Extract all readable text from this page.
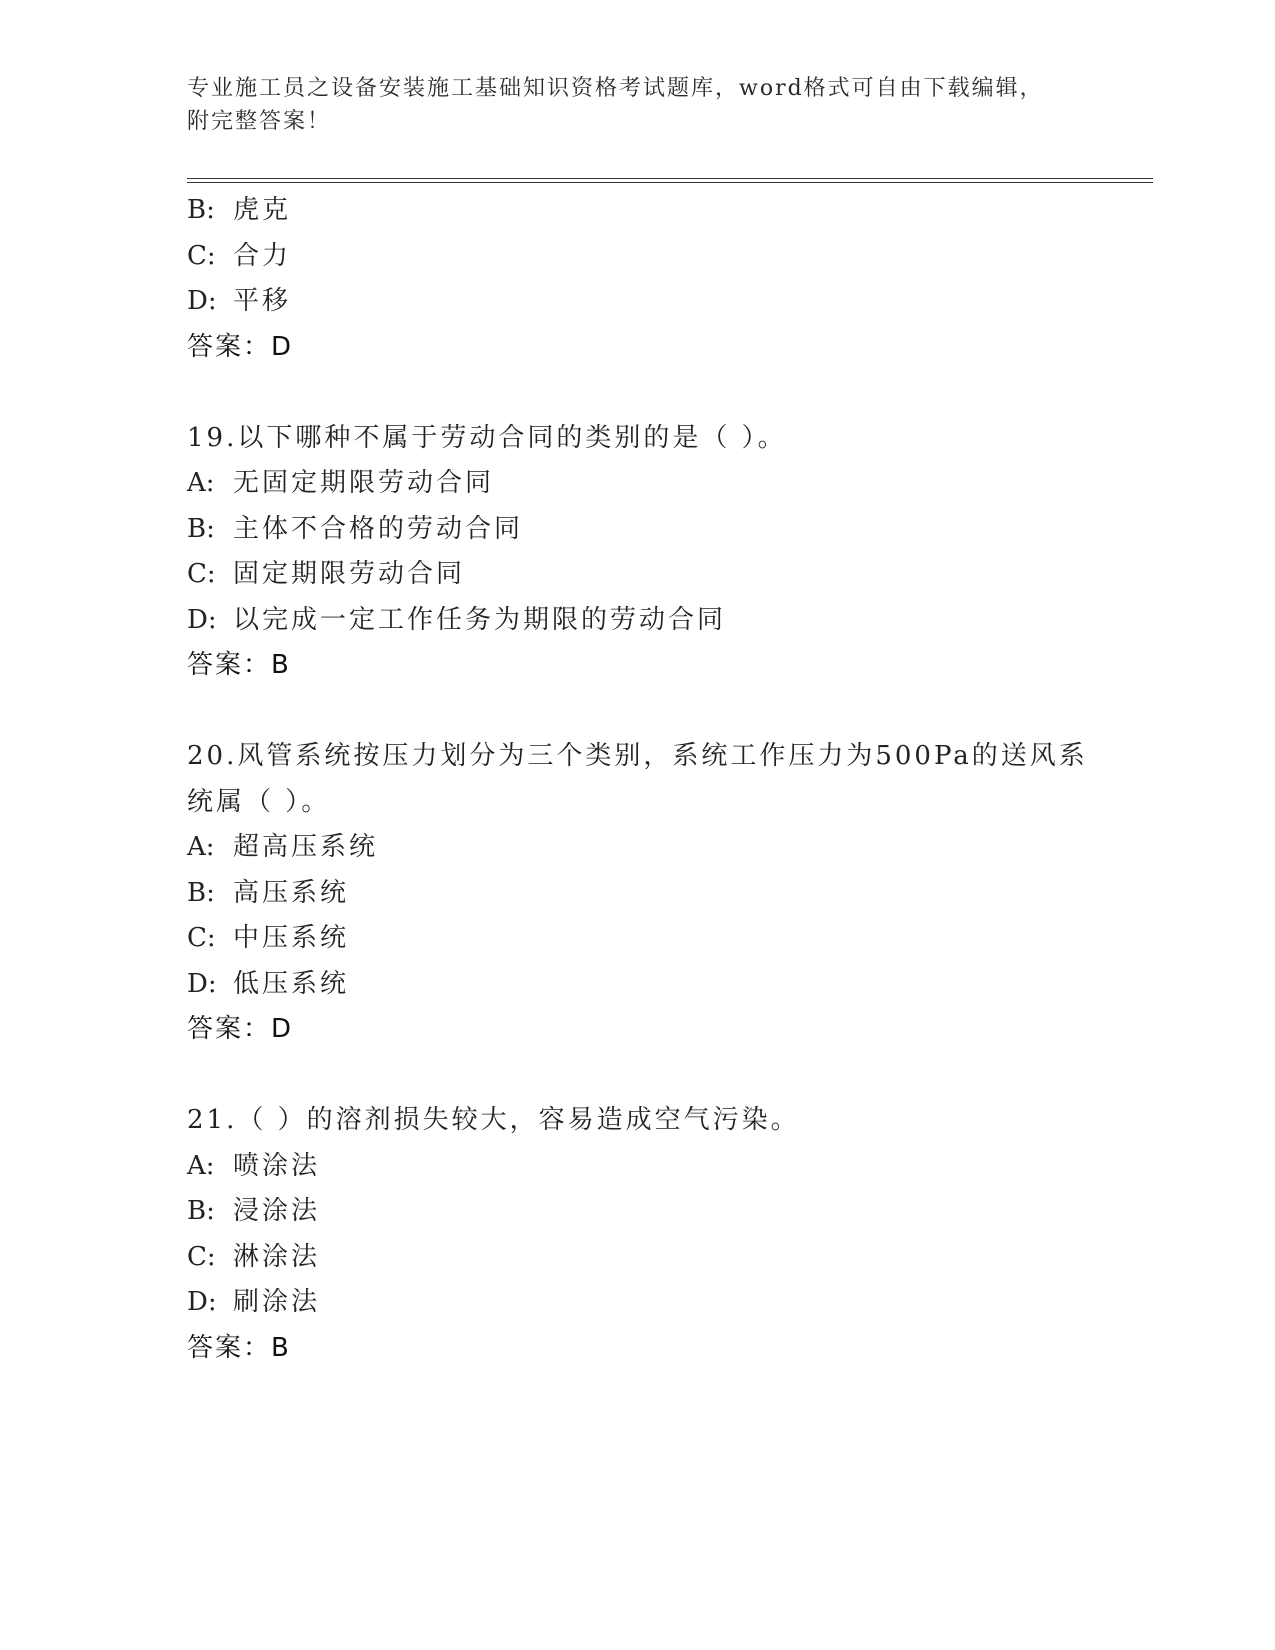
专业施工员之设备安装施工基础知识资格考试题库，word格式可自由下载编辑，
附完整答案！
B: 虎克
C: 合力
D: 平移
答案：D
19.以下哪种不属于劳动合同的类别的是（ ）。
A: 无固定期限劳动合同
B: 主体不合格的劳动合同
C: 固定期限劳动合同
D: 以完成一定工作任务为期限的劳动合同
答案：B
20.风管系统按压力划分为三个类别，系统工作压力为500Pa的送风系
统属（ ）。
A: 超高压系统
B: 高压系统
C: 中压系统
D: 低压系统
答案：D
21.（ ）的溶剂损失较大，容易造成空气污染。
A: 喷涂法
B: 浸涂法
C: 淋涂法
D: 刷涂法
答案：B
